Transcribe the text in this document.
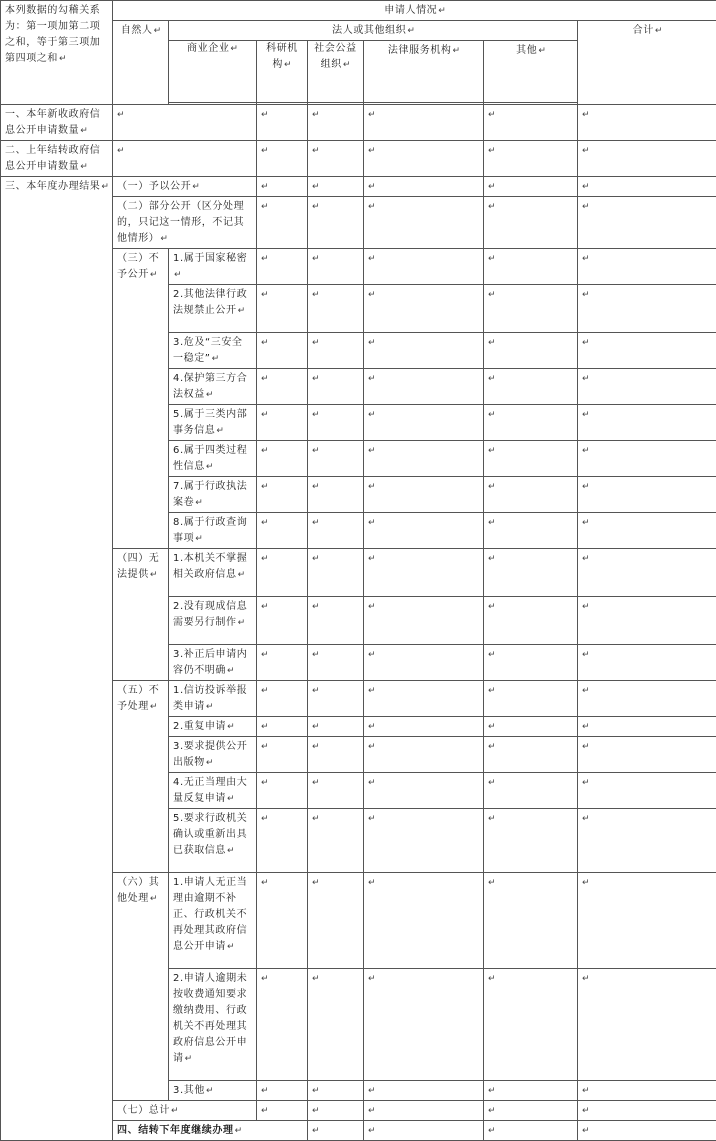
本列数据的勾稽关系为：第一项加第二项之和，等于第三项加第四项之和↵	申请人情况↵							
	自然人↵	法人或其他组织↵					合计↵	
		商业企业↵	科研机构↵	社会公益组织↵	法律服务机构↵	其他↵		

一、本年新收政府信息公开申请数量↵	↵		↵	↵	↵	↵	↵	
二、上年结转政府信息公开申请数量↵	↵		↵	↵	↵	↵	↵	
三、本年度办理结果↵	（一）予以公开↵		↵	↵	↵	↵	↵	
	（二）部分公开（区分处理的，只记这一情形，不记其他情形）↵		↵	↵	↵	↵	↵	
	（三）不予公开↵	1.属于国家秘密↵	↵	↵	↵	↵	↵	
		2.其他法律行政法规禁止公开↵	↵	↵	↵	↵	↵	
		3.危及“三安全一稳定”↵	↵	↵	↵	↵	↵	
		4.保护第三方合法权益↵	↵	↵	↵	↵	↵	
		5.属于三类内部事务信息↵	↵	↵	↵	↵	↵	
		6.属于四类过程性信息↵	↵	↵	↵	↵	↵	
		7.属于行政执法案卷↵	↵	↵	↵	↵	↵	
		8.属于行政查询事项↵	↵	↵	↵	↵	↵	
	（四）无法提供↵	1.本机关不掌握相关政府信息↵	↵	↵	↵	↵	↵	
		2.没有现成信息需要另行制作↵	↵	↵	↵	↵	↵	
		3.补正后申请内容仍不明确↵	↵	↵	↵	↵	↵	
	（五）不予处理↵	1.信访投诉举报类申请↵	↵	↵	↵	↵	↵	
		2.重复申请↵	↵	↵	↵	↵	↵	
		3.要求提供公开出版物↵	↵	↵	↵	↵	↵	
		4.无正当理由大量反复申请↵	↵	↵	↵	↵	↵	
		5.要求行政机关确认或重新出具已获取信息↵	↵	↵	↵	↵	↵	
	（六）其他处理↵	1.申请人无正当理由逾期不补正、行政机关不再处理其政府信息公开申请↵	↵	↵	↵	↵	↵	
		2.申请人逾期未按收费通知要求缴纳费用、行政机关不再处理其政府信息公开申请↵	↵	↵	↵	↵	↵	
		3.其他↵	↵	↵	↵	↵	↵	
	（七）总计↵		↵	↵	↵	↵	↵	
	四、结转下年度继续办理↵			↵	↵	↵	↵	
